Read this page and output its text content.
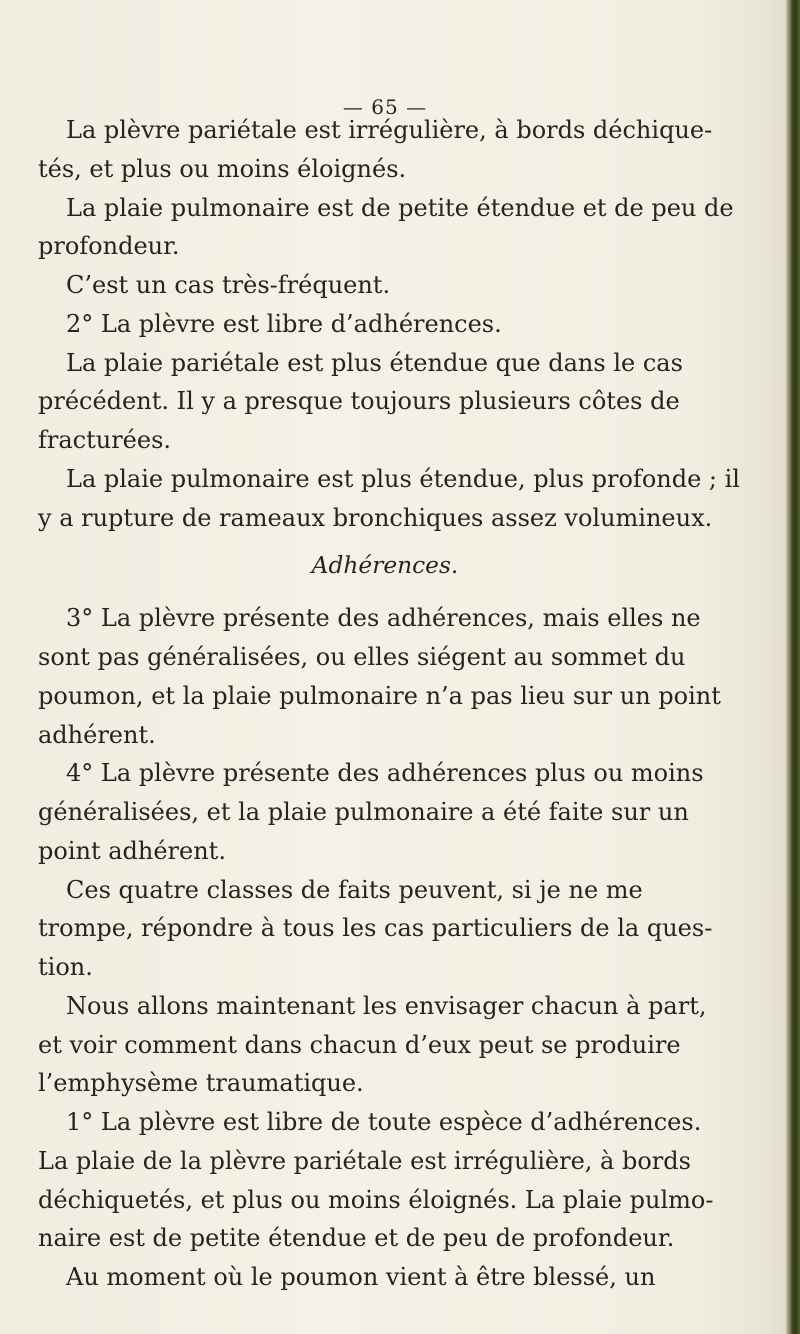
— 65 —
Adhérences.
La plèvre pariétale est irrégulière, à bords déchique-
tés, et plus ou moins éloignés.
La plaie pulmonaire est de petite étendue et de peu de
profondeur.
C’est un cas très-fréquent.
2° La plèvre est libre d’adhérences.
La plaie pariétale est plus étendue que dans le cas
précédent. Il y a presque toujours plusieurs côtes de
fracturées.
La plaie pulmonaire est plus étendue, plus profonde ; il
y a rupture de rameaux bronchiques assez volumineux.
3° La plèvre présente des adhérences, mais elles ne
sont pas généralisées, ou elles siégent au sommet du
poumon, et la plaie pulmonaire n’a pas lieu sur un point
adhérent.
4° La plèvre présente des adhérences plus ou moins
généralisées, et la plaie pulmonaire a été faite sur un
point adhérent.
Ces quatre classes de faits peuvent, si je ne me
trompe, répondre à tous les cas particuliers de la ques-
tion.
Nous allons maintenant les envisager chacun à part,
et voir comment dans chacun d’eux peut se produire
l’emphysème traumatique.
1° La plèvre est libre de toute espèce d’adhérences.
La plaie de la plèvre pariétale est irrégulière, à bords
déchiquetés, et plus ou moins éloignés. La plaie pulmo-
naire est de petite étendue et de peu de profondeur.
Au moment où le poumon vient à être blessé, un
